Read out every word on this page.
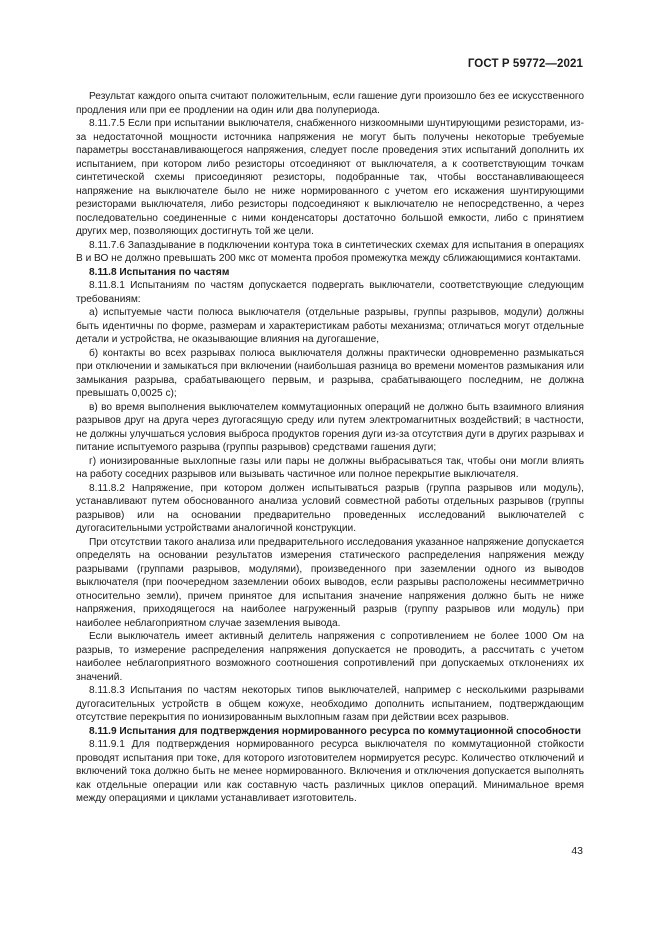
ГОСТ Р 59772—2021

Результат каждого опыта считают положительным, если гашение дуги произошло без ее искусственного продления или при ее продлении на один или два полупериода.

8.11.7.5 Если при испытании выключателя, снабженного низкоомными шунтирующими резисторами, из-за недостаточной мощности источника напряжения не могут быть получены некоторые требуемые параметры восстанавливающегося напряжения, следует после проведения этих испытаний дополнить их испытанием, при котором либо резисторы отсоединяют от выключателя, а к соответствующим точкам синтетической схемы присоединяют резисторы, подобранные так, чтобы восстанавливающееся напряжение на выключателе было не ниже нормированного с учетом его искажения шунтирующими резисторами выключателя, либо резисторы подсоединяют к выключателю не непосредственно, а через последовательно соединенные с ними конденсаторы достаточно большой емкости, либо с принятием других мер, позволяющих достигнуть той же цели.

8.11.7.6 Запаздывание в подключении контура тока в синтетических схемах для испытания в операциях В и ВО не должно превышать 200 мкс от момента пробоя промежутка между сближающимися контактами.

8.11.8 Испытания по частям

8.11.8.1 Испытаниям по частям допускается подвергать выключатели, соответствующие следующим требованиям:

а) испытуемые части полюса выключателя (отдельные разрывы, группы разрывов, модули) должны быть идентичны по форме, размерам и характеристикам работы механизма; отличаться могут отдельные детали и устройства, не оказывающие влияния на дугогашение,

б) контакты во всех разрывах полюса выключателя должны практически одновременно размыкаться при отключении и замыкаться при включении (наибольшая разница во времени моментов размыкания или замыкания разрыва, срабатывающего первым, и разрыва, срабатывающего последним, не должна превышать 0,0025 с);

в) во время выполнения выключателем коммутационных операций не должно быть взаимного влияния разрывов друг на друга через дугогасящую среду или путем электромагнитных воздействий; в частности, не должны улучшаться условия выброса продуктов горения дуги из-за отсутствия дуги в других разрывах и питание испытуемого разрыва (группы разрывов) средствами гашения дуги;

г) ионизированные выхлопные газы или пары не должны выбрасываться так, чтобы они могли влиять на работу соседних разрывов или вызывать частичное или полное перекрытие выключателя.

8.11.8.2 Напряжение, при котором должен испытываться разрыв (группа разрывов или модуль), устанавливают путем обоснованного анализа условий совместной работы отдельных разрывов (группы разрывов) или на основании предварительно проведенных исследований выключателей с дугогасительными устройствами аналогичной конструкции.

При отсутствии такого анализа или предварительного исследования указанное напряжение допускается определять на основании результатов измерения статического распределения напряжения между разрывами (группами разрывов, модулями), произведенного при заземлении одного из выводов выключателя (при поочередном заземлении обоих выводов, если разрывы расположены несимметрично относительно земли), причем принятое для испытания значение напряжения должно быть не ниже напряжения, приходящегося на наиболее нагруженный разрыв (группу разрывов или модуль) при наиболее неблагоприятном случае заземления вывода.

Если выключатель имеет активный делитель напряжения с сопротивлением не более 1000 Ом на разрыв, то измерение распределения напряжения допускается не проводить, а рассчитать с учетом наиболее неблагоприятного возможного соотношения сопротивлений при допускаемых отклонениях их значений.

8.11.8.3 Испытания по частям некоторых типов выключателей, например с несколькими разрывами дугогасительных устройств в общем кожухе, необходимо дополнить испытанием, подтверждающим отсутствие перекрытия по ионизированным выхлопным газам при действии всех разрывов.

8.11.9 Испытания для подтверждения нормированного ресурса по коммутационной способности

8.11.9.1 Для подтверждения нормированного ресурса выключателя по коммутационной стойкости проводят испытания при токе, для которого изготовителем нормируется ресурс. Количество отключений и включений тока должно быть не менее нормированного. Включения и отключения допускается выполнять как отдельные операции или как составную часть различных циклов операций. Минимальное время между операциями и циклами устанавливает изготовитель.

43
